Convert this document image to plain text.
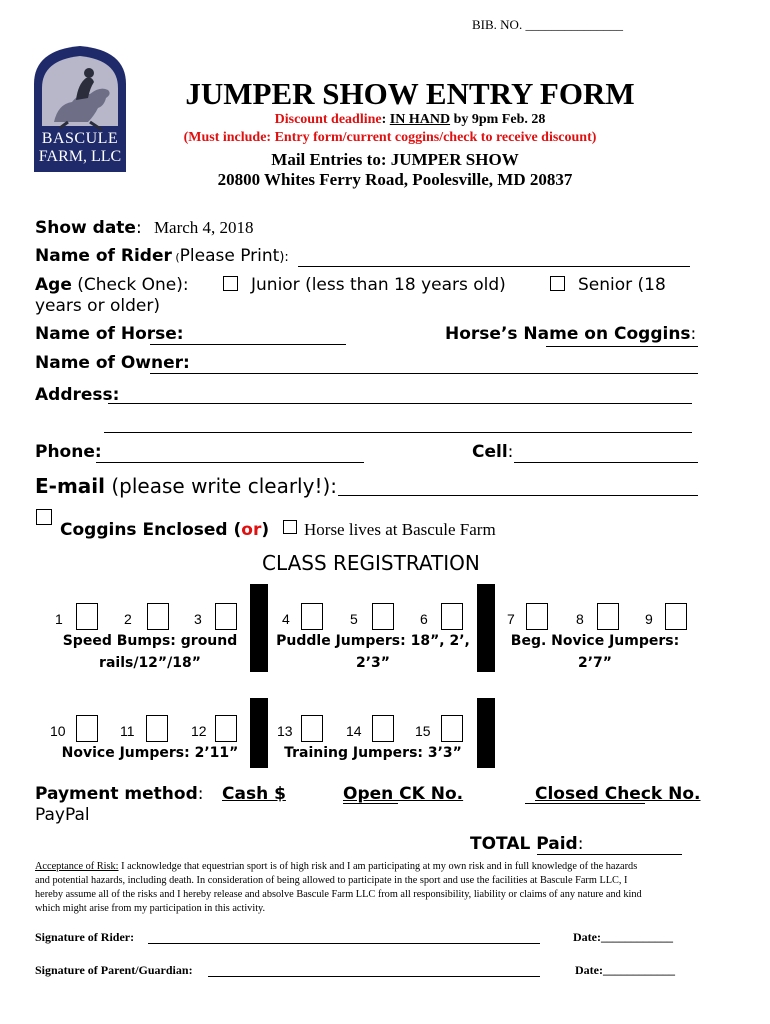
BIB. NO. _______________
BASCULE
FARM, LLC
JUMPER SHOW ENTRY FORM
Discount deadline: IN HAND by 9pm Feb. 28
(Must include: Entry form/current coggins/check to receive discount)
Mail Entries to: JUMPER SHOW
20800 Whites Ferry Road, Poolesville, MD 20837
Show date: March 4, 2018
Name of Rider (Please Print):
Age (Check One):	Junior (less than 18 years old)	Senior (18
years or older)
Name of Horse:	Horse’s Name on Coggins:
Name of Owner:
Address:
Phone:	Cell:
E-mail (please write clearly!):
Coggins Enclosed (or) Horse lives at Bascule Farm
CLASS REGISTRATION
1	2	3
Speed Bumps: ground
rails/12”/18”
4	5	6
Puddle Jumpers: 18”, 2’,
2’3”
7	8	9
Beg. Novice Jumpers:
2’7”
10	11	12
Novice Jumpers: 2’11”
13	14	15
Training Jumpers: 3’3”
Payment method: Cash $	Open CK No.	Closed Check No.
PayPal
TOTAL Paid:
Acceptance of Risk: I acknowledge that equestrian sport is of high risk and I am participating at my own risk and in full knowledge of the hazards
and potential hazards, including death. In consideration of being allowed to participate in the sport and use the facilities at Bascule Farm LLC, I
hereby assume all of the risks and I hereby release and absolve Bascule Farm LLC from all responsibility, liability or claims of any nature and kind
which might arise from my participation in this activity.
Signature of Rider:	Date:____________
Signature of Parent/Guardian:	Date:____________
